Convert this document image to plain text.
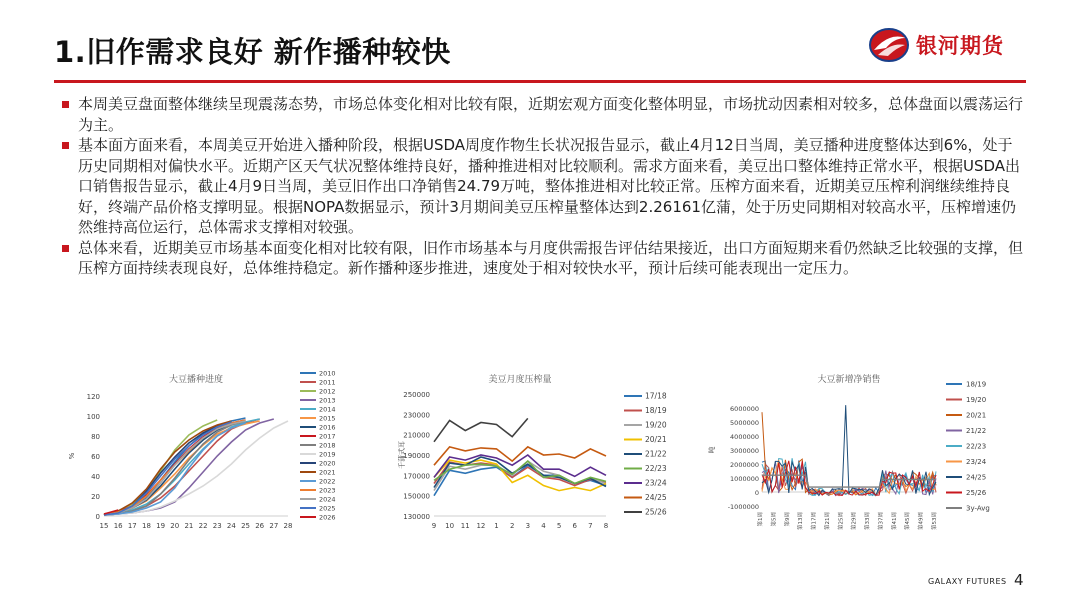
1.旧作需求良好 新作播种较快	银河期货
本周美豆盘面整体继续呈现震荡态势，市场总体变化相对比较有限，近期宏观方面变化整体明显，市场扰动因素相对较多，总体盘面以震荡运行为主。
基本面方面来看，本周美豆开始进入播种阶段，根据USDA周度作物生长状况报告显示，截止4月12日当周，美豆播种进度整体达到6%，处于历史同期相对偏快水平。近期产区天气状况整体维持良好，播种推进相对比较顺利。需求方面来看，美豆出口整体维持正常水平，根据USDA出口销售报告显示，截止4月9日当周，美豆旧作出口净销售24.79万吨，整体推进相对比较正常。压榨方面来看，近期美豆压榨利润继续维持良好，终端产品价格支撑明显。根据NOPA数据显示，预计3月期间美豆压榨量整体达到2.26161亿蒲，处于历史同期相对较高水平，压榨增速仍然维持高位运行，总体需求支撑相对较强。
总体来看，近期美豆市场基本面变化相对比较有限，旧作市场基本与月度供需报告评估结果接近，出口方面短期来看仍然缺乏比较强的支撑，但压榨方面持续表现良好，总体维持稳定。新作播种逐步推进，速度处于相对较快水平，预计后续可能表现出一定压力。
大豆播种进度
0
20
40
60
80
100
120
%
15 16 17 18 19 20 21 22 23 24 25 26 27 28
2010
2011
2012
2013
2014
2015
2016
2017
2018
2019
2020
2021
2022
2023
2024
2025
2026
美豆月度压榨量
130000
150000
170000
190000
210000
230000
250000
千蒲式耳
9 10 11 12 1 2 3 4 5 6 7 8
17/18
18/19
19/20
20/21
21/22
22/23
23/24
24/25
25/26
大豆新增净销售
-1000000
0
1000000
2000000
3000000
4000000
5000000
6000000
吨
第1周	第5周	第9周	第13周	第17周	第21周	第25周	第29周	第33周	第37周	第41周	第45周	第49周	第53周
18/19
19/20
20/21
21/22
22/23
23/24
24/25
25/26
3y-Avg
GALAXY FUTURES 4
